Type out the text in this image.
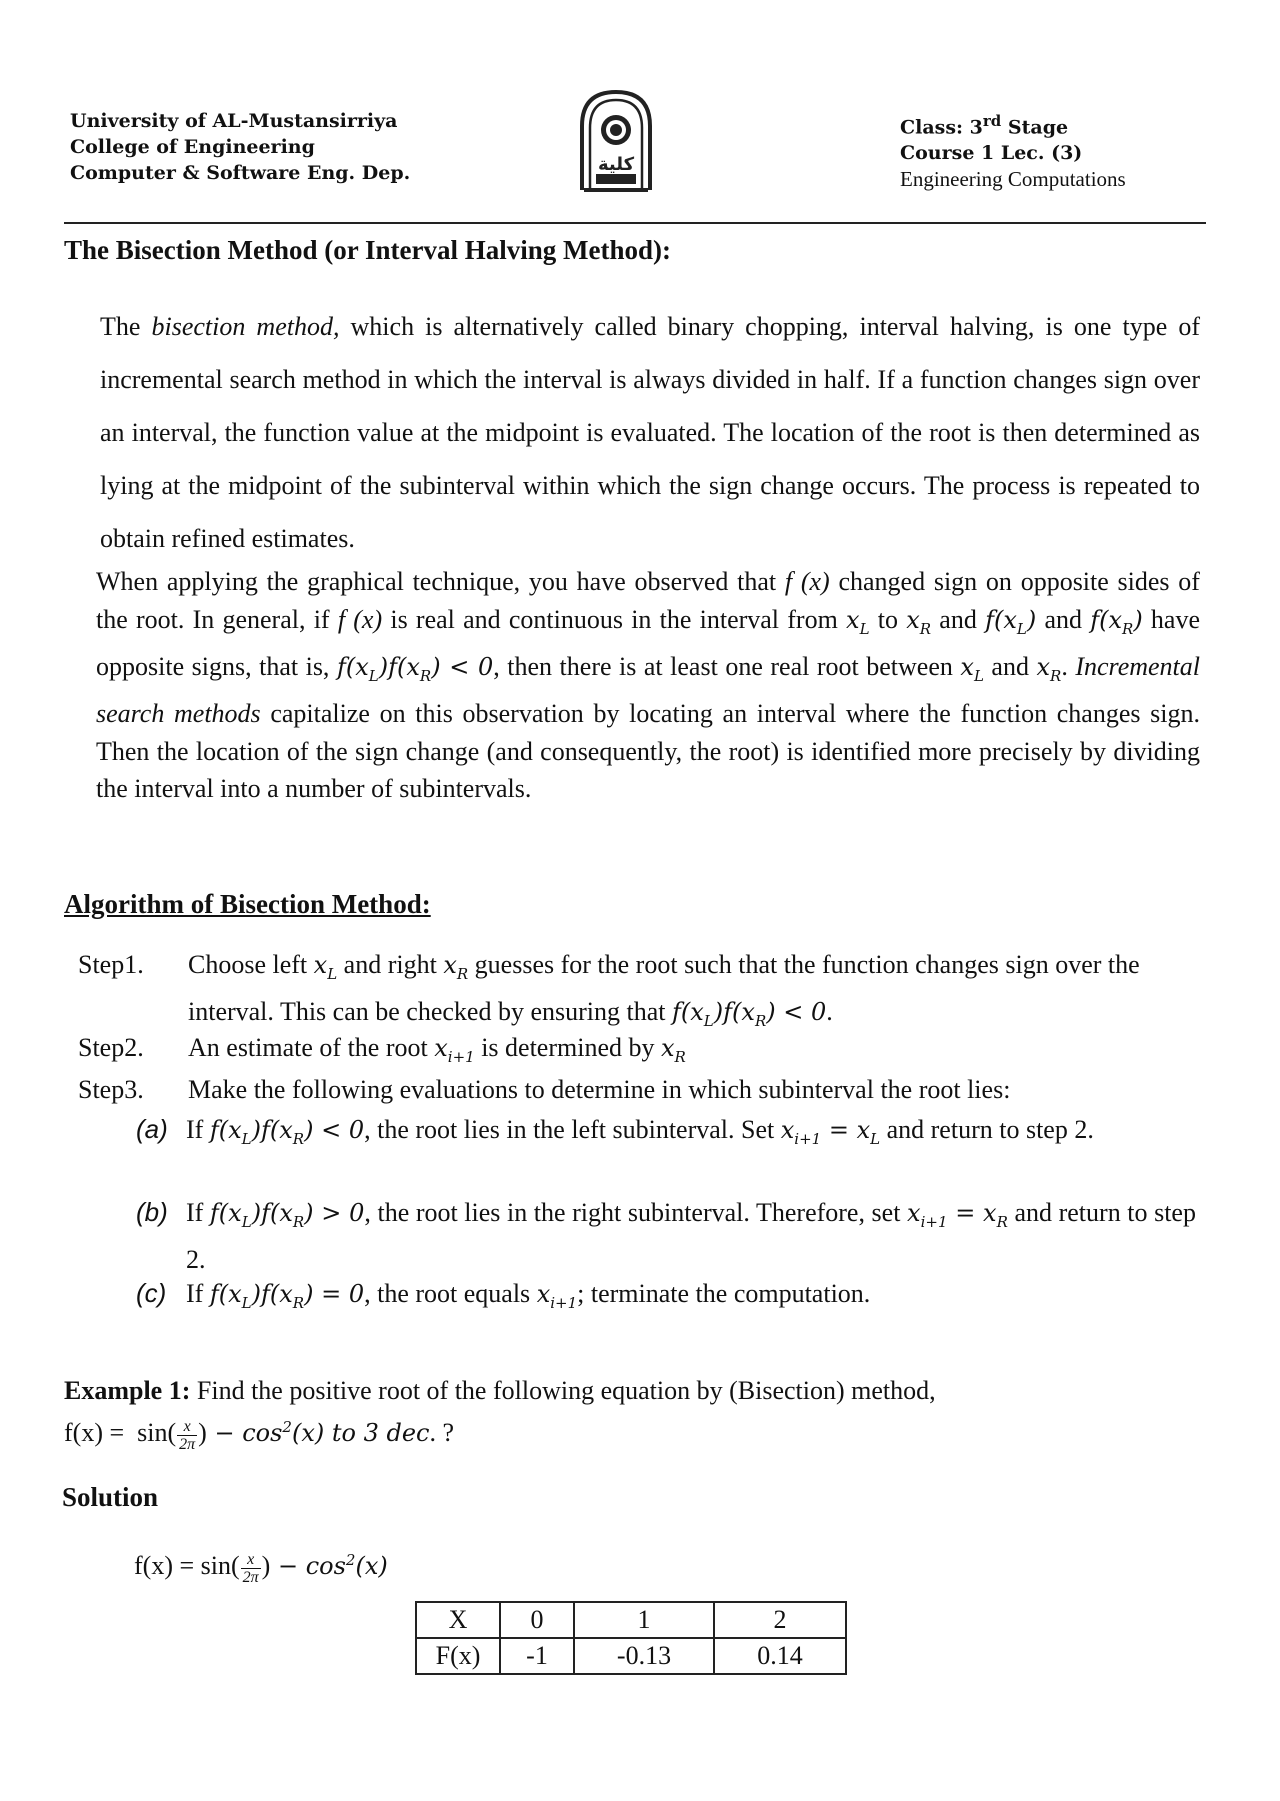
University of AL-Mustansirriya
College of Engineering
Computer & Software Eng. Dep.	كلية
Class: 3rd Stage
Course 1 Lec. (3)
Engineering Computations
The Bisection Method (or Interval Halving Method):

The bisection method, which is alternatively called binary chopping, interval halving, is one type of incremental search method in which the interval is always divided in half. If a function changes sign over an interval, the function value at the midpoint is evaluated. The location of the root is then determined as lying at the midpoint of the subinterval within which the sign change occurs. The process is repeated to obtain refined estimates.

When applying the graphical technique, you have observed that f (x) changed sign on opposite sides of the root. In general, if f (x) is real and continuous in the interval from $x_L$ to $x_R$ and $f(x_L)$ and $f(x_R)$ have opposite signs, that is, $f(x_L)f(x_R) < 0$, then there is at least one real root between $x_L$ and $x_R$. Incremental search methods capitalize on this observation by locating an interval where the function changes sign. Then the location of the sign change (and consequently, the root) is identified more precisely by dividing the interval into a number of subintervals.

Algorithm of Bisection Method:
Step1. Choose left $x_L$ and right $x_R$ guesses for the root such that the function changes sign over the interval. This can be checked by ensuring that $f(x_L)f(x_R) < 0$.
Step2. An estimate of the root $x_{i+1}$ is determined by $x_R$
Step3. Make the following evaluations to determine in which subinterval the root lies:
(a) If $f(x_L)f(x_R) < 0$, the root lies in the left subinterval. Set $x_{i+1} = x_L$ and return to step 2.
(b) If $f(x_L)f(x_R) > 0$, the root lies in the right subinterval. Therefore, set $x_{i+1} = x_R$ and return to step 2.
(c) If $f(x_L)f(x_R) = 0$, the root equals $x_{i+1}$; terminate the computation.
Example 1: Find the positive root of the following equation by (Bisection) method,
$f(x) = \sin( \frac{x}{2\pi}$ ) − $\cos^2(x)$ to 3 dec. ?
Solution
$f(x) = \sin( \frac{x}{2\pi}$ ) − $\cos^2(x)$
X	0	1	2
F(x)	-1	-0.13	0.14
